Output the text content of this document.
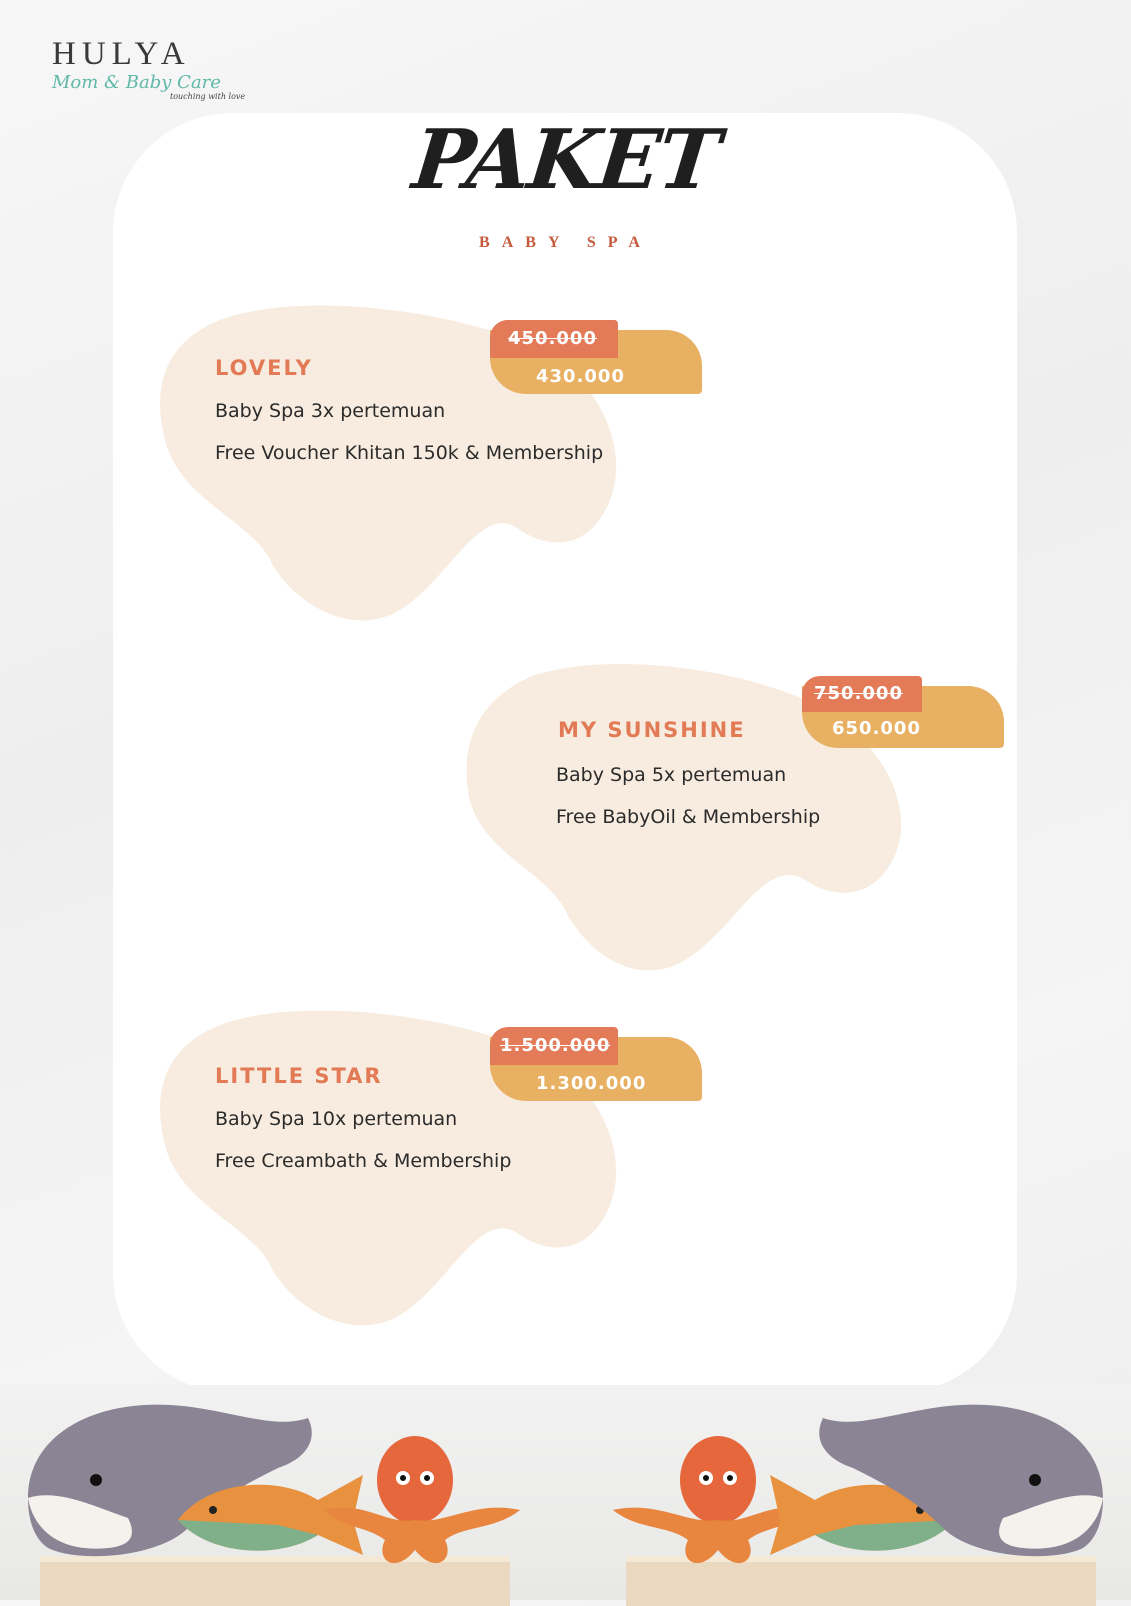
HULYA
Mom & Baby Care
touching with love
PAKET
BABY SPA
450.000
430.000
LOVELY
Baby Spa 3x pertemuan
Free Voucher Khitan 150k & Membership
750.000
650.000
MY SUNSHINE
Baby Spa 5x pertemuan
Free BabyOil & Membership
1.500.000
1.300.000
LITTLE STAR
Baby Spa 10x pertemuan
Free Creambath & Membership
